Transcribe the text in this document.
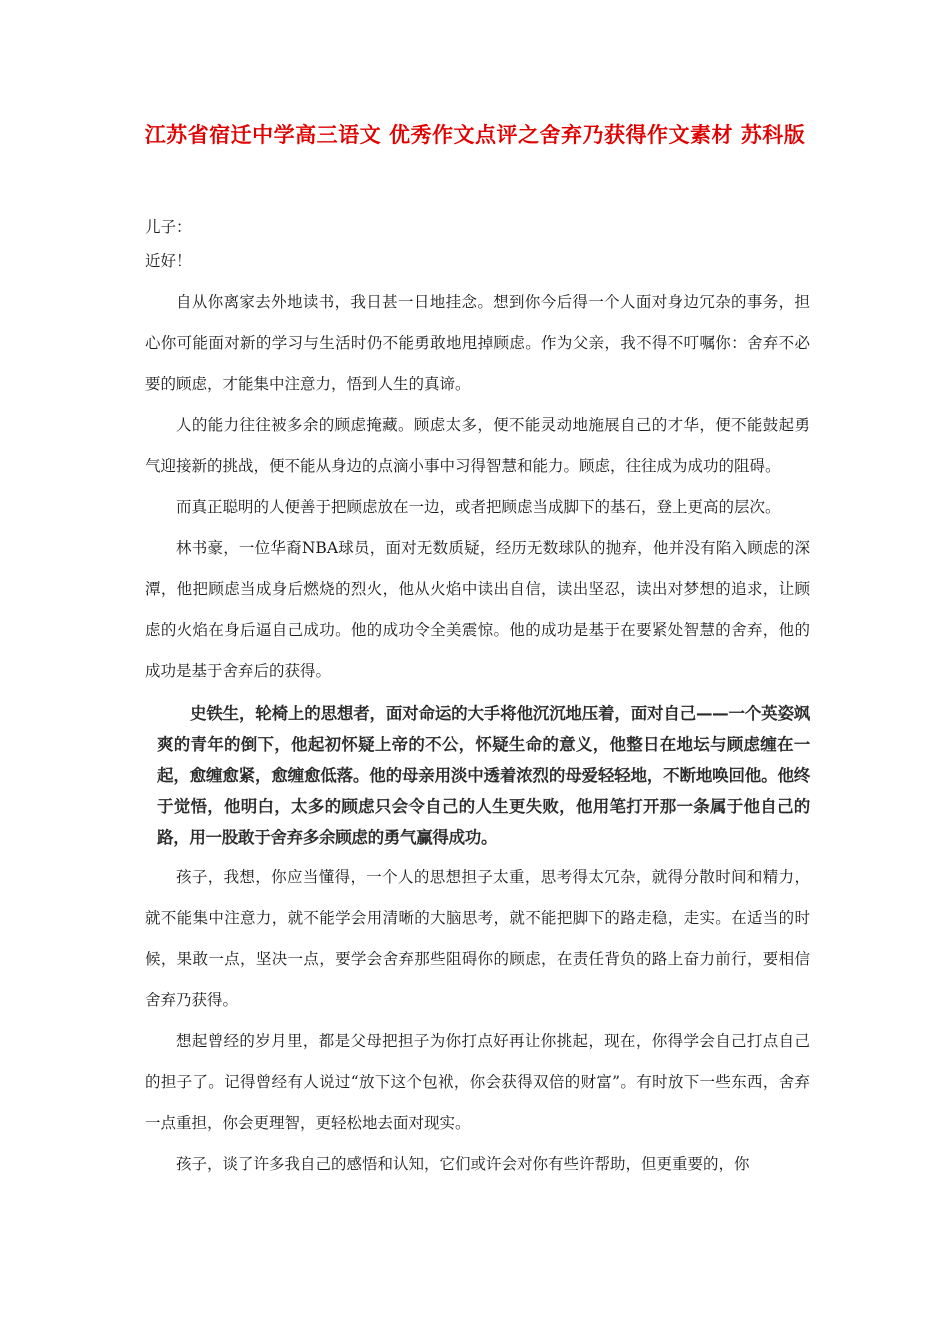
江苏省宿迁中学高三语文 优秀作文点评之舍弃乃获得作文素材 苏科版

儿子：

近好！

自从你离家去外地读书，我日甚一日地挂念。想到你今后得一个人面对身边冗杂的事务，担心你可能面对新的学习与生活时仍不能勇敢地甩掉顾虑。作为父亲，我不得不叮嘱你：舍弃不必要的顾虑，才能集中注意力，悟到人生的真谛。

人的能力往往被多余的顾虑掩藏。顾虑太多，便不能灵动地施展自己的才华，便不能鼓起勇气迎接新的挑战，便不能从身边的点滴小事中习得智慧和能力。顾虑，往往成为成功的阻碍。

而真正聪明的人便善于把顾虑放在一边，或者把顾虑当成脚下的基石，登上更高的层次。

林书豪，一位华裔NBA球员，面对无数质疑，经历无数球队的抛弃，他并没有陷入顾虑的深潭，他把顾虑当成身后燃烧的烈火，他从火焰中读出自信，读出坚忍，读出对梦想的追求，让顾虑的火焰在身后逼自己成功。他的成功令全美震惊。他的成功是基于在要紧处智慧的舍弃，他的成功是基于舍弃后的获得。

史铁生，轮椅上的思想者，面对命运的大手将他沉沉地压着，面对自己——一个英姿飒爽的青年的倒下，他起初怀疑上帝的不公，怀疑生命的意义，他整日在地坛与顾虑缠在一起，愈缠愈紧，愈缠愈低落。他的母亲用淡中透着浓烈的母爱轻轻地，不断地唤回他。他终于觉悟，他明白，太多的顾虑只会令自己的人生更失败，他用笔打开那一条属于他自己的路，用一股敢于舍弃多余顾虑的勇气赢得成功。

孩子，我想，你应当懂得，一个人的思想担子太重，思考得太冗杂，就得分散时间和精力，就不能集中注意力，就不能学会用清晰的大脑思考，就不能把脚下的路走稳，走实。在适当的时候，果敢一点，坚决一点，要学会舍弃那些阻碍你的顾虑，在责任背负的路上奋力前行，要相信舍弃乃获得。

想起曾经的岁月里，都是父母把担子为你打点好再让你挑起，现在，你得学会自己打点自己的担子了。记得曾经有人说过“放下这个包袱，你会获得双倍的财富”。有时放下一些东西，舍弃一点重担，你会更理智，更轻松地去面对现实。

孩子，谈了许多我自己的感悟和认知，它们或许会对你有些许帮助，但更重要的，你
